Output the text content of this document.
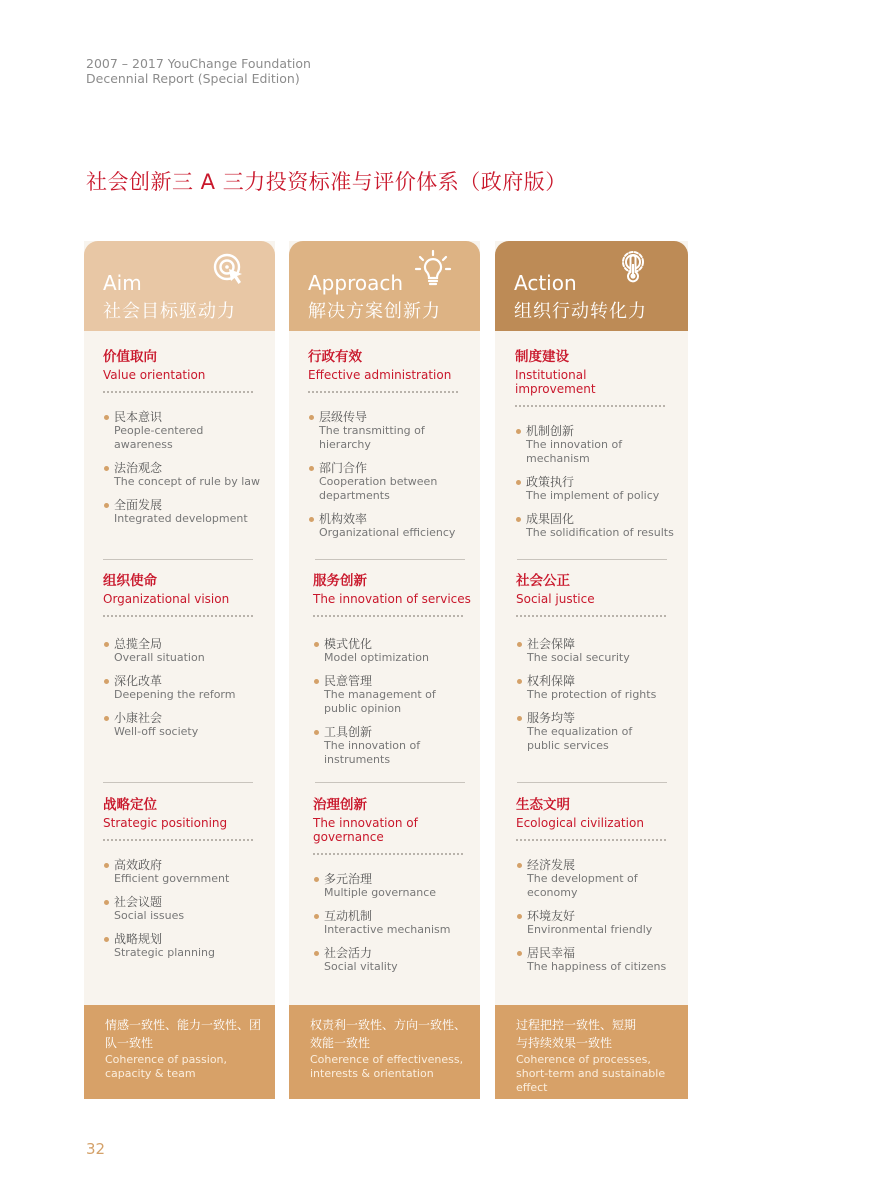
2007 – 2017 YouChange Foundation
Decennial Report (Special Edition)
社会创新三 A 三力投资标准与评价体系（政府版）
Aim
社会目标驱动力
价值取向
Value orientation
民本意识
People-centered awareness
法治观念
The concept of rule by law
全面发展
Integrated development
组织使命
Organizational vision
总揽全局
Overall situation
深化改革
Deepening the reform
小康社会
Well-off society
战略定位
Strategic positioning
高效政府
Efficient government
社会议题
Social issues
战略规划
Strategic planning
情感一致性、能力一致性、团队一致性
Coherence of passion, capacity & team
Approach
解决方案创新力
行政有效
Effective administration
层级传导
The transmitting of hierarchy
部门合作
Cooperation between departments
机构效率
Organizational efficiency
服务创新
The innovation of services
模式优化
Model optimization
民意管理
The management of public opinion
工具创新
The innovation of instruments
治理创新
The innovation of governance
多元治理
Multiple governance
互动机制
Interactive mechanism
社会活力
Social vitality
权责利一致性、方向一致性、效能一致性
Coherence of effectiveness, interests & orientation
Action
组织行动转化力
制度建设
Institutional improvement
机制创新
The innovation of mechanism
政策执行
The implement of policy
成果固化
The solidification of results
社会公正
Social justice
社会保障
The social security
权利保障
The protection of rights
服务均等
The equalization of public services
生态文明
Ecological civilization
经济发展
The development of economy
环境友好
Environmental friendly
居民幸福
The happiness of citizens
过程把控一致性、短期与持续效果一致性
Coherence of processes, short-term and sustainable effect
32
